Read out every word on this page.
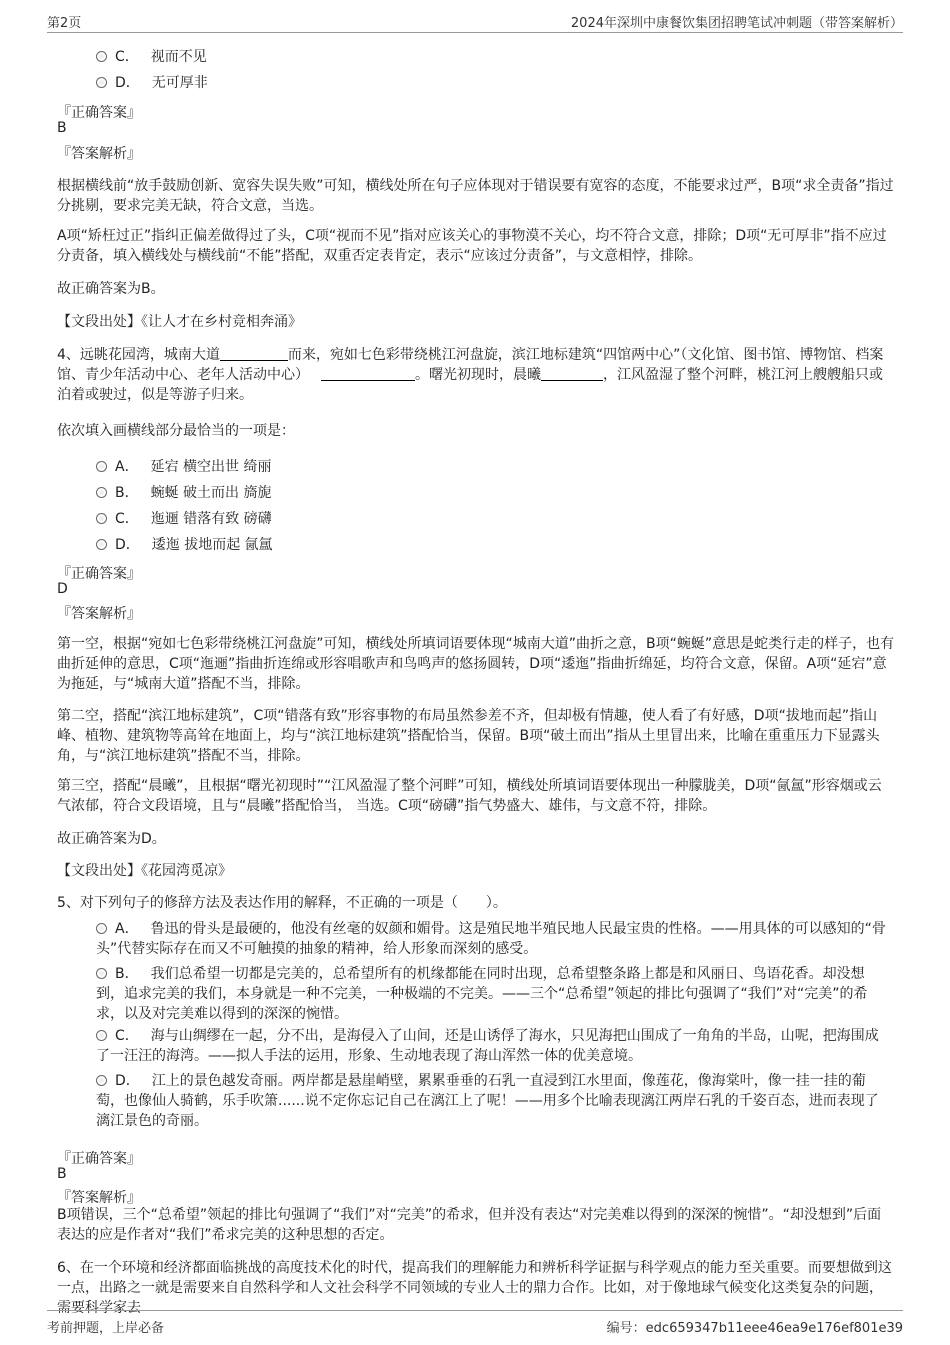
第2页	2024年深圳中康餐饮集团招聘笔试冲刺题（带答案解析）
C． 视而不见
D． 无可厚非
『正确答案』
B
『答案解析』
根据横线前“放手鼓励创新、宽容失误失败”可知，横线处所在句子应体现对于错误要有宽容的态度，不能要求过严，B项“求全责备”指过分挑剔，要求完美无缺，符合文意，当选。
A项“矫枉过正”指纠正偏差做得过了头，C项“视而不见”指对应该关心的事物漠不关心，均不符合文意，排除；D项“无可厚非”指不应过分责备，填入横线处与横线前“不能”搭配，双重否定表肯定，表示“应该过分责备”，与文意相悖，排除。
故正确答案为B。
【文段出处】《让人才在乡村竞相奔涌》
4、远眺花园湾，城南大道	而来，宛如七色彩带绕桃江河盘旋，滨江地标建筑“四馆两中心”（文化馆、图书馆、博物馆、档案馆、青少年活动中心、老年人活动中心）	。曙光初现时，晨曦	，江风盈湿了整个河畔，桃江河上艘艘船只或泊着或驶过，似是等游子归来。
依次填入画横线部分最恰当的一项是：
A． 延宕 横空出世 绮丽
B． 蜿蜒 破土而出 旖旎
C． 迤逦 错落有致 磅礴
D． 逶迤 拔地而起 氤氲
『正确答案』
D
『答案解析』
第一空，根据“宛如七色彩带绕桃江河盘旋”可知，横线处所填词语要体现“城南大道”曲折之意，B项“蜿蜒”意思是蛇类行走的样子，也有曲折延伸的意思，C项“迤逦”指曲折连绵或形容唱歌声和鸟鸣声的悠扬圆转，D项“逶迤”指曲折绵延，均符合文意，保留。A项“延宕”意为拖延，与“城南大道”搭配不当，排除。
第二空，搭配“滨江地标建筑”，C项“错落有致”形容事物的布局虽然参差不齐，但却极有情趣，使人看了有好感，D项“拔地而起”指山峰、植物、建筑物等高耸在地面上，均与“滨江地标建筑”搭配恰当，保留。B项“破土而出”指从土里冒出来，比喻在重重压力下显露头角，与“滨江地标建筑”搭配不当，排除。
第三空，搭配“晨曦”，且根据“曙光初现时”“江风盈湿了整个河畔”可知，横线处所填词语要体现出一种朦胧美，D项“氤氲”形容烟或云气浓郁，符合文段语境，且与“晨曦”搭配恰当， 当选。C项“磅礴”指气势盛大、雄伟，与文意不符，排除。
故正确答案为D。
【文段出处】《花园湾觅凉》
5、对下列句子的修辞方法及表达作用的解释，不正确的一项是（　　）。
A． 鲁迅的骨头是最硬的，他没有丝毫的奴颜和媚骨。这是殖民地半殖民地人民最宝贵的性格。——用具体的可以感知的“骨头”代替实际存在而又不可触摸的抽象的精神，给人形象而深刻的感受。
B． 我们总希望一切都是完美的，总希望所有的机缘都能在同时出现，总希望整条路上都是和风丽日、鸟语花香。却没想到，追求完美的我们，本身就是一种不完美，一种极端的不完美。——三个“总希望”领起的排比句强调了“我们”对“完美”的希求，以及对完美难以得到的深深的惋惜。
C． 海与山绸缪在一起，分不出，是海侵入了山间，还是山诱俘了海水，只见海把山围成了一角角的半岛，山呢，把海围成了一汪汪的海湾。——拟人手法的运用，形象、生动地表现了海山浑然一体的优美意境。
D． 江上的景色越发奇丽。两岸都是悬崖峭壁，累累垂垂的石乳一直浸到江水里面，像莲花，像海棠叶，像一挂一挂的葡萄，也像仙人骑鹤，乐手吹箫......说不定你忘记自己在漓江上了呢！——用多个比喻表现漓江两岸石乳的千姿百态，进而表现了漓江景色的奇丽。
『正确答案』
B
『答案解析』
B项错误，三个“总希望”领起的排比句强调了“我们”对“完美”的希求，但并没有表达“对完美难以得到的深深的惋惜”。“却没想到”后面表达的应是作者对“我们”希求完美的这种思想的否定。
6、在一个环境和经济都面临挑战的高度技术化的时代，提高我们的理解能力和辨析科学证据与科学观点的能力至关重要。而要想做到这一点，出路之一就是需要来自自然科学和人文社会科学不同领域的专业人士的鼎力合作。比如，对于像地球气候变化这类复杂的问题，需要科学家去
考前押题，上岸必备	编号：edc659347b11eee46ea9e176ef801e39
